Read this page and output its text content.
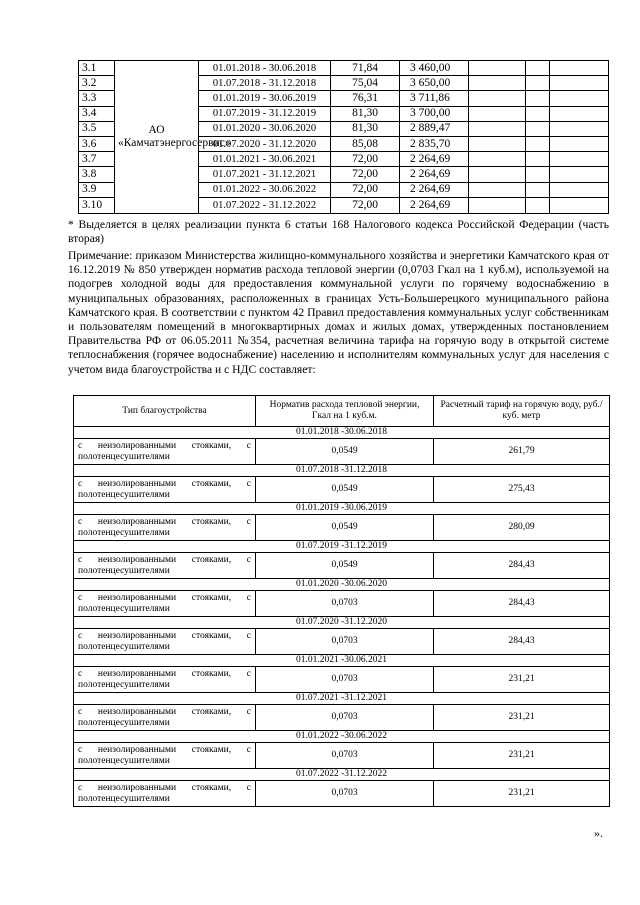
3.1	АО «Камчатэнергосервис»	01.01.2018 - 30.06.2018	71,84	3 460,00			
3.2		01.07.2018 - 31.12.2018	75,04	3 650,00			
3.3		01.01.2019 - 30.06.2019	76,31	3 711,86			
3.4		01.07.2019 - 31.12.2019	81,30	3 700,00			
3.5		01.01.2020 - 30.06.2020	81,30	2 889,47			
3.6		01.07.2020 - 31.12.2020	85,08	2 835,70			
3.7		01.01.2021 - 30.06.2021	72,00	2 264,69			
3.8		01.07.2021 - 31.12.2021	72,00	2 264,69			
3.9		01.01.2022 - 30.06.2022	72,00	2 264,69			
3.10		01.07.2022 - 31.12.2022	72,00	2 264,69			
* Выделяется в целях реализации пункта 6 статьи 168 Налогового кодекса Российской Федерации (часть вторая)
Примечание: приказом Министерства жилищно-коммунального хозяйства и энергетики Камчатского края от 16.12.2019 № 850 утвержден норматив расхода тепловой энергии (0,0703 Гкал на 1 куб.м), используемой на подогрев холодной воды для предоставления коммунальной услуги по горячему водоснабжению в муниципальных образованиях, расположенных в границах Усть-Большерецкого муниципального района Камчатского края. В соответствии с пунктом 42 Правил предоставления коммунальных услуг собственникам и пользователям помещений в многоквартирных домах и жилых домах, утвержденных постановлением Правительства РФ от 06.05.2011 №354, расчетная величина тарифа на горячую воду в открытой системе теплоснабжения (горячее водоснабжение) населению и исполнителям коммунальных услуг для населения с учетом вида благоустройства и с НДС составляет:
Тип благоустройства	Норматив расхода тепловой энергии, Гкал на 1 куб.м.	Расчетный тариф на горячую воду, руб./куб. метр
01.01.2018 -30.06.2018		
с неизолированными стояками, с полотенцесушителями	0,0549	261,79
01.07.2018 -31.12.2018		
с неизолированными стояками, с полотенцесушителями	0,0549	275,43
01.01.2019 -30.06.2019		
с неизолированными стояками, с полотенцесушителями	0,0549	280,09
01.07.2019 -31.12.2019		
с неизолированными стояками, с полотенцесушителями	0,0549	284,43
01.01.2020 -30.06.2020		
с неизолированными стояками, с полотенцесушителями	0,0703	284,43
01.07.2020 -31.12.2020		
с неизолированными стояками, с полотенцесушителями	0,0703	284,43
01.01.2021 -30.06.2021		
с неизолированными стояками, с полотенцесушителями	0,0703	231,21
01.07.2021 -31.12.2021		
с неизолированными стояками, с полотенцесушителями	0,0703	231,21
01.01.2022 -30.06.2022		
с неизолированными стояками, с полотенцесушителями	0,0703	231,21
01.07.2022 -31.12.2022		
с неизолированными стояками, с полотенцесушителями	0,0703	231,21
».
